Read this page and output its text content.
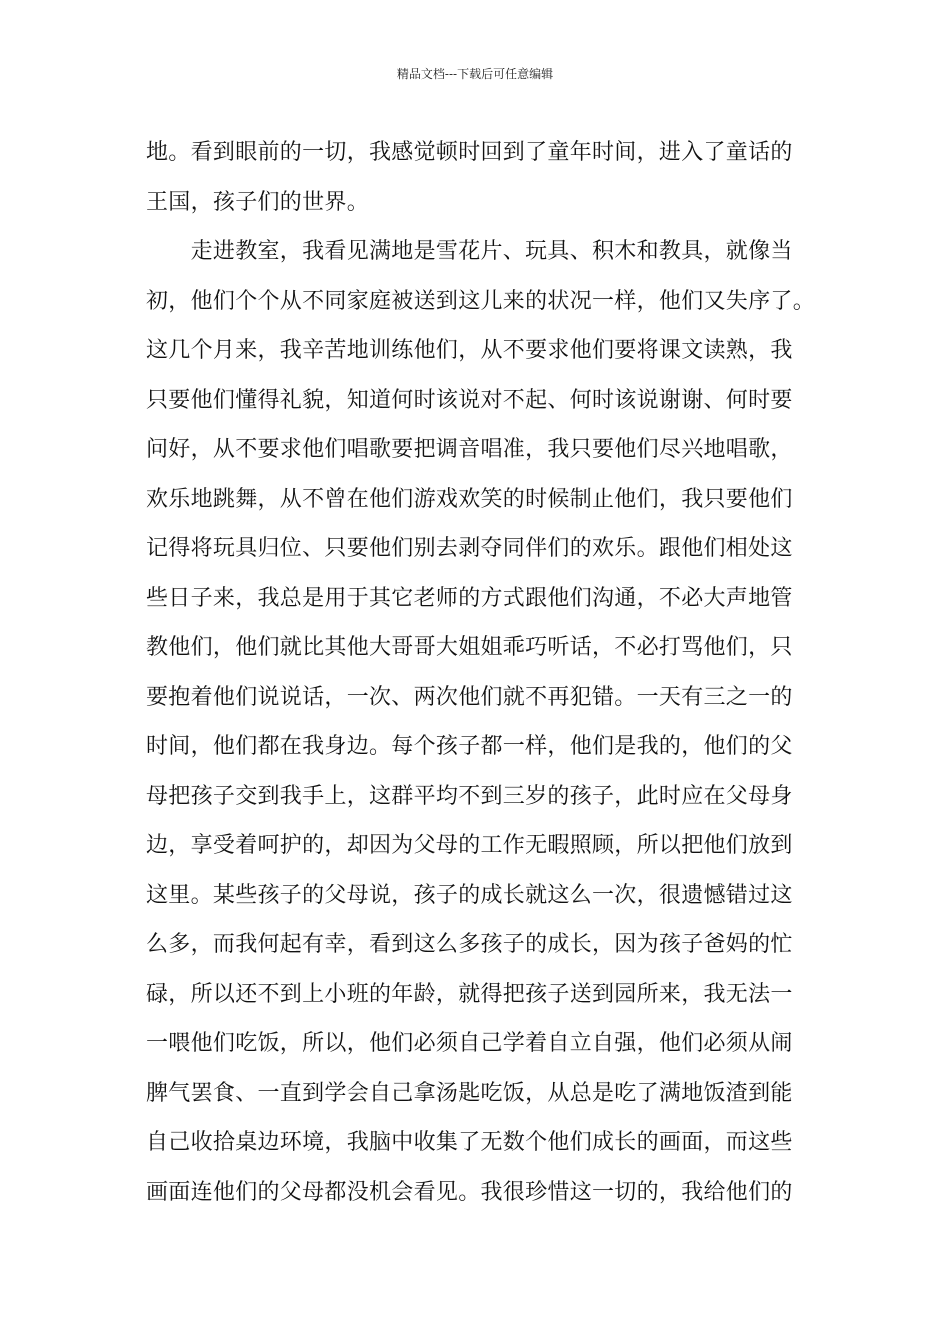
精品文档---下载后可任意编辑
地。看到眼前的一切，我感觉顿时回到了童年时间，进入了童话的
王国，孩子们的世界。
　　走进教室，我看见满地是雪花片、玩具、积木和教具，就像当
初，他们个个从不同家庭被送到这儿来的状况一样，他们又失序了。
这几个月来，我辛苦地训练他们，从不要求他们要将课文读熟，我
只要他们懂得礼貌，知道何时该说对不起、何时该说谢谢、何时要
问好，从不要求他们唱歌要把调音唱准，我只要他们尽兴地唱歌，
欢乐地跳舞，从不曾在他们游戏欢笑的时候制止他们，我只要他们
记得将玩具归位、只要他们别去剥夺同伴们的欢乐。跟他们相处这
些日子来，我总是用于其它老师的方式跟他们沟通，不必大声地管
教他们，他们就比其他大哥哥大姐姐乖巧听话，不必打骂他们，只
要抱着他们说说话，一次、两次他们就不再犯错。一天有三之一的
时间，他们都在我身边。每个孩子都一样，他们是我的，他们的父
母把孩子交到我手上，这群平均不到三岁的孩子，此时应在父母身
边，享受着呵护的，却因为父母的工作无暇照顾，所以把他们放到
这里。某些孩子的父母说，孩子的成长就这么一次，很遗憾错过这
么多，而我何起有幸，看到这么多孩子的成长，因为孩子爸妈的忙
碌，所以还不到上小班的年龄，就得把孩子送到园所来，我无法一
一喂他们吃饭，所以，他们必须自己学着自立自强，他们必须从闹
脾气罢食、一直到学会自己拿汤匙吃饭，从总是吃了满地饭渣到能
自己收拾桌边环境，我脑中收集了无数个他们成长的画面，而这些
画面连他们的父母都没机会看见。我很珍惜这一切的，我给他们的
